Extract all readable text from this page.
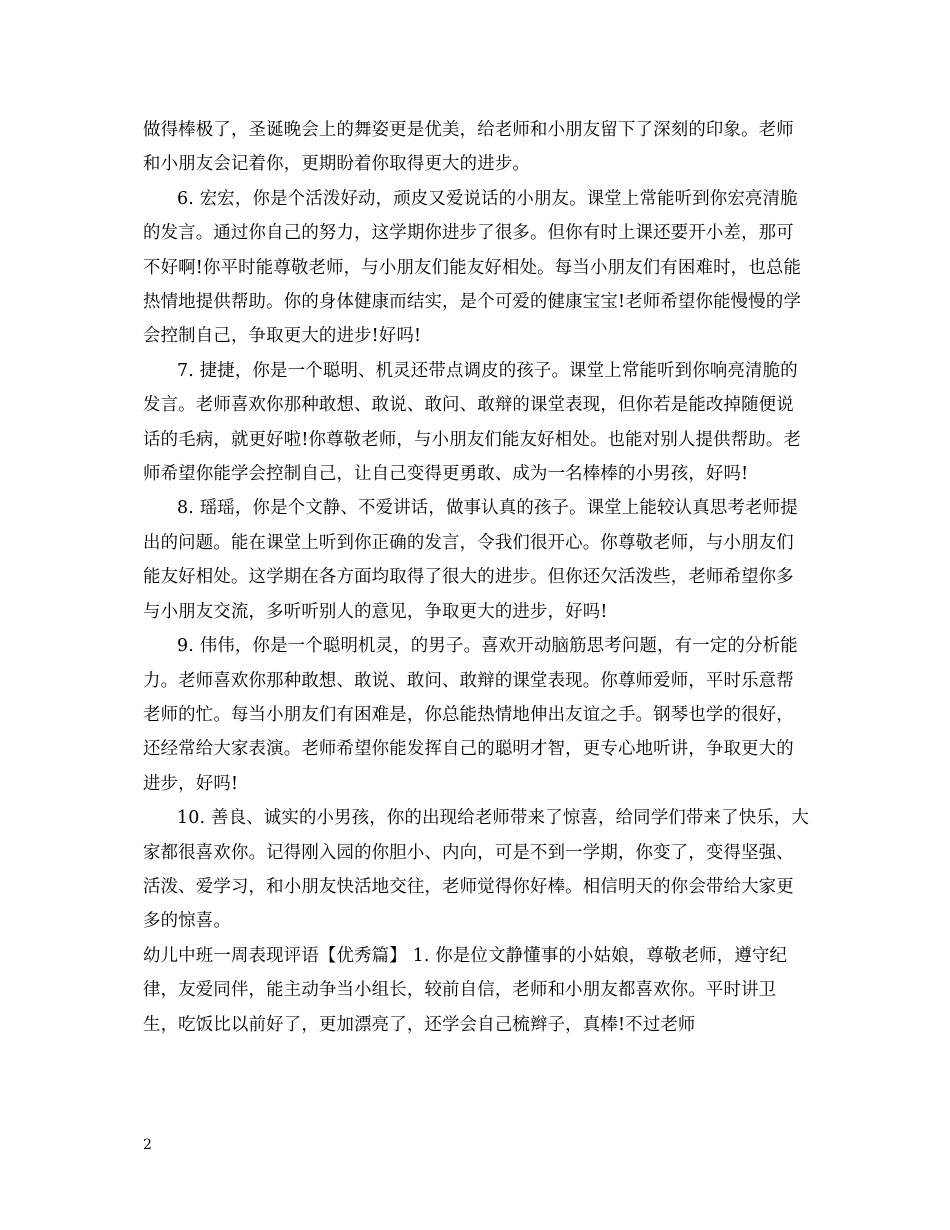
做得棒极了，圣诞晚会上的舞姿更是优美，给老师和小朋友留下了深刻的印象。老师和小朋友会记着你，更期盼着你取得更大的进步。

6. 宏宏，你是个活泼好动，顽皮又爱说话的小朋友。课堂上常能听到你宏亮清脆的发言。通过你自己的努力，这学期你进步了很多。但你有时上课还要开小差，那可不好啊!你平时能尊敬老师，与小朋友们能友好相处。每当小朋友们有困难时，也总能热情地提供帮助。你的身体健康而结实，是个可爱的健康宝宝!老师希望你能慢慢的学会控制自己，争取更大的进步!好吗!

7. 捷捷，你是一个聪明、机灵还带点调皮的孩子。课堂上常能听到你响亮清脆的发言。老师喜欢你那种敢想、敢说、敢问、敢辩的课堂表现，但你若是能改掉随便说话的毛病，就更好啦!你尊敬老师，与小朋友们能友好相处。也能对别人提供帮助。老师希望你能学会控制自己，让自己变得更勇敢、成为一名棒棒的小男孩，好吗!

8. 瑶瑶，你是个文静、不爱讲话，做事认真的孩子。课堂上能较认真思考老师提出的问题。能在课堂上听到你正确的发言，令我们很开心。你尊敬老师，与小朋友们能友好相处。这学期在各方面均取得了很大的进步。但你还欠活泼些，老师希望你多与小朋友交流，多听听别人的意见，争取更大的进步，好吗!

9. 伟伟，你是一个聪明机灵，的男子。喜欢开动脑筋思考问题，有一定的分析能力。老师喜欢你那种敢想、敢说、敢问、敢辩的课堂表现。你尊师爱师，平时乐意帮老师的忙。每当小朋友们有困难是，你总能热情地伸出友谊之手。钢琴也学的很好，还经常给大家表演。老师希望你能发挥自己的聪明才智，更专心地听讲，争取更大的进步，好吗!

10. 善良、诚实的小男孩，你的出现给老师带来了惊喜，给同学们带来了快乐，大家都很喜欢你。记得刚入园的你胆小、内向，可是不到一学期，你变了，变得坚强、活泼、爱学习，和小朋友快活地交往，老师觉得你好棒。相信明天的你会带给大家更多的惊喜。

幼儿中班一周表现评语【优秀篇】 1. 你是位文静懂事的小姑娘，尊敬老师，遵守纪律，友爱同伴，能主动争当小组长，较前自信，老师和小朋友都喜欢你。平时讲卫生，吃饭比以前好了，更加漂亮了，还学会自己梳辫子，真棒!不过老师

2
